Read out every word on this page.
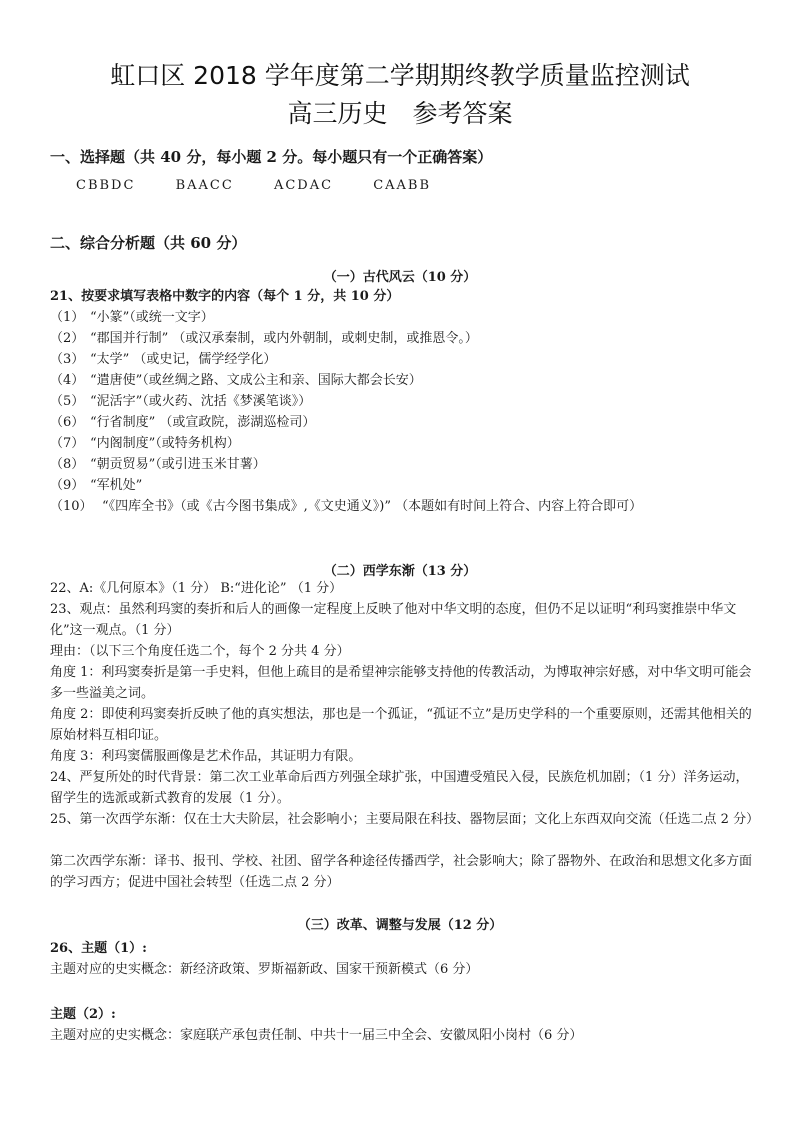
虹口区 2018 学年度第二学期期终教学质量监控测试
高三历史　参考答案
一、选择题（共 40 分，每小题 2 分。每小题只有一个正确答案）
CBBDC	BAACC	ACDAC	CAABB
二、综合分析题（共 60 分）
（一）古代风云（10 分）
21、按要求填写表格中数字的内容（每个 1 分，共 10 分）
（1） “小篆”（或统一文字）
（2） “郡国并行制” （或汉承秦制，或内外朝制，或刺史制，或推恩令。）
（3） “太学” （或史记，儒学经学化）
（4） “遣唐使”（或丝绸之路、文成公主和亲、国际大都会长安）
（5） “泥活字”（或火药、沈括《梦溪笔谈》）
（6） “行省制度” （或宣政院，澎湖巡检司）
（7） “内阁制度”（或特务机构）
（8） “朝贡贸易”（或引进玉米甘薯）
（9） “军机处”
（10） “《四库全书》（或《古今图书集成》,《文史通义》)” （本题如有时间上符合、内容上符合即可）
（二）西学东渐（13 分）
22、A:《几何原本》（1 分） B:“进化论” （1 分）
23、观点：虽然利玛窦的奏折和后人的画像一定程度上反映了他对中华文明的态度，但仍不足以证明“利玛窦推崇中华文化”这一观点。（1 分）
理由：（以下三个角度任选二个，每个 2 分共 4 分）
角度 1：利玛窦奏折是第一手史料，但他上疏目的是希望神宗能够支持他的传教活动，为博取神宗好感，对中华文明可能会多一些溢美之词。
角度 2：即使利玛窦奏折反映了他的真实想法，那也是一个孤证，“孤证不立”是历史学科的一个重要原则，还需其他相关的原始材料互相印证。
角度 3：利玛窦儒服画像是艺术作品，其证明力有限。
24、严复所处的时代背景：第二次工业革命后西方列强全球扩张，中国遭受殖民入侵，民族危机加剧；（1 分）洋务运动，留学生的选派或新式教育的发展（1 分）。
25、第一次西学东渐：仅在士大夫阶层，社会影响小；主要局限在科技、器物层面；文化上东西双向交流（任选二点 2 分）
第二次西学东渐：译书、报刊、学校、社团、留学各种途径传播西学，社会影响大；除了器物外、在政治和思想文化多方面的学习西方；促进中国社会转型（任选二点 2 分）
（三）改革、调整与发展（12 分）
26、主题（1）:
主题对应的史实概念：新经济政策、罗斯福新政、国家干预新模式（6 分）
主题（2）:
主题对应的史实概念：家庭联产承包责任制、中共十一届三中全会、安徽凤阳小岗村（6 分）
